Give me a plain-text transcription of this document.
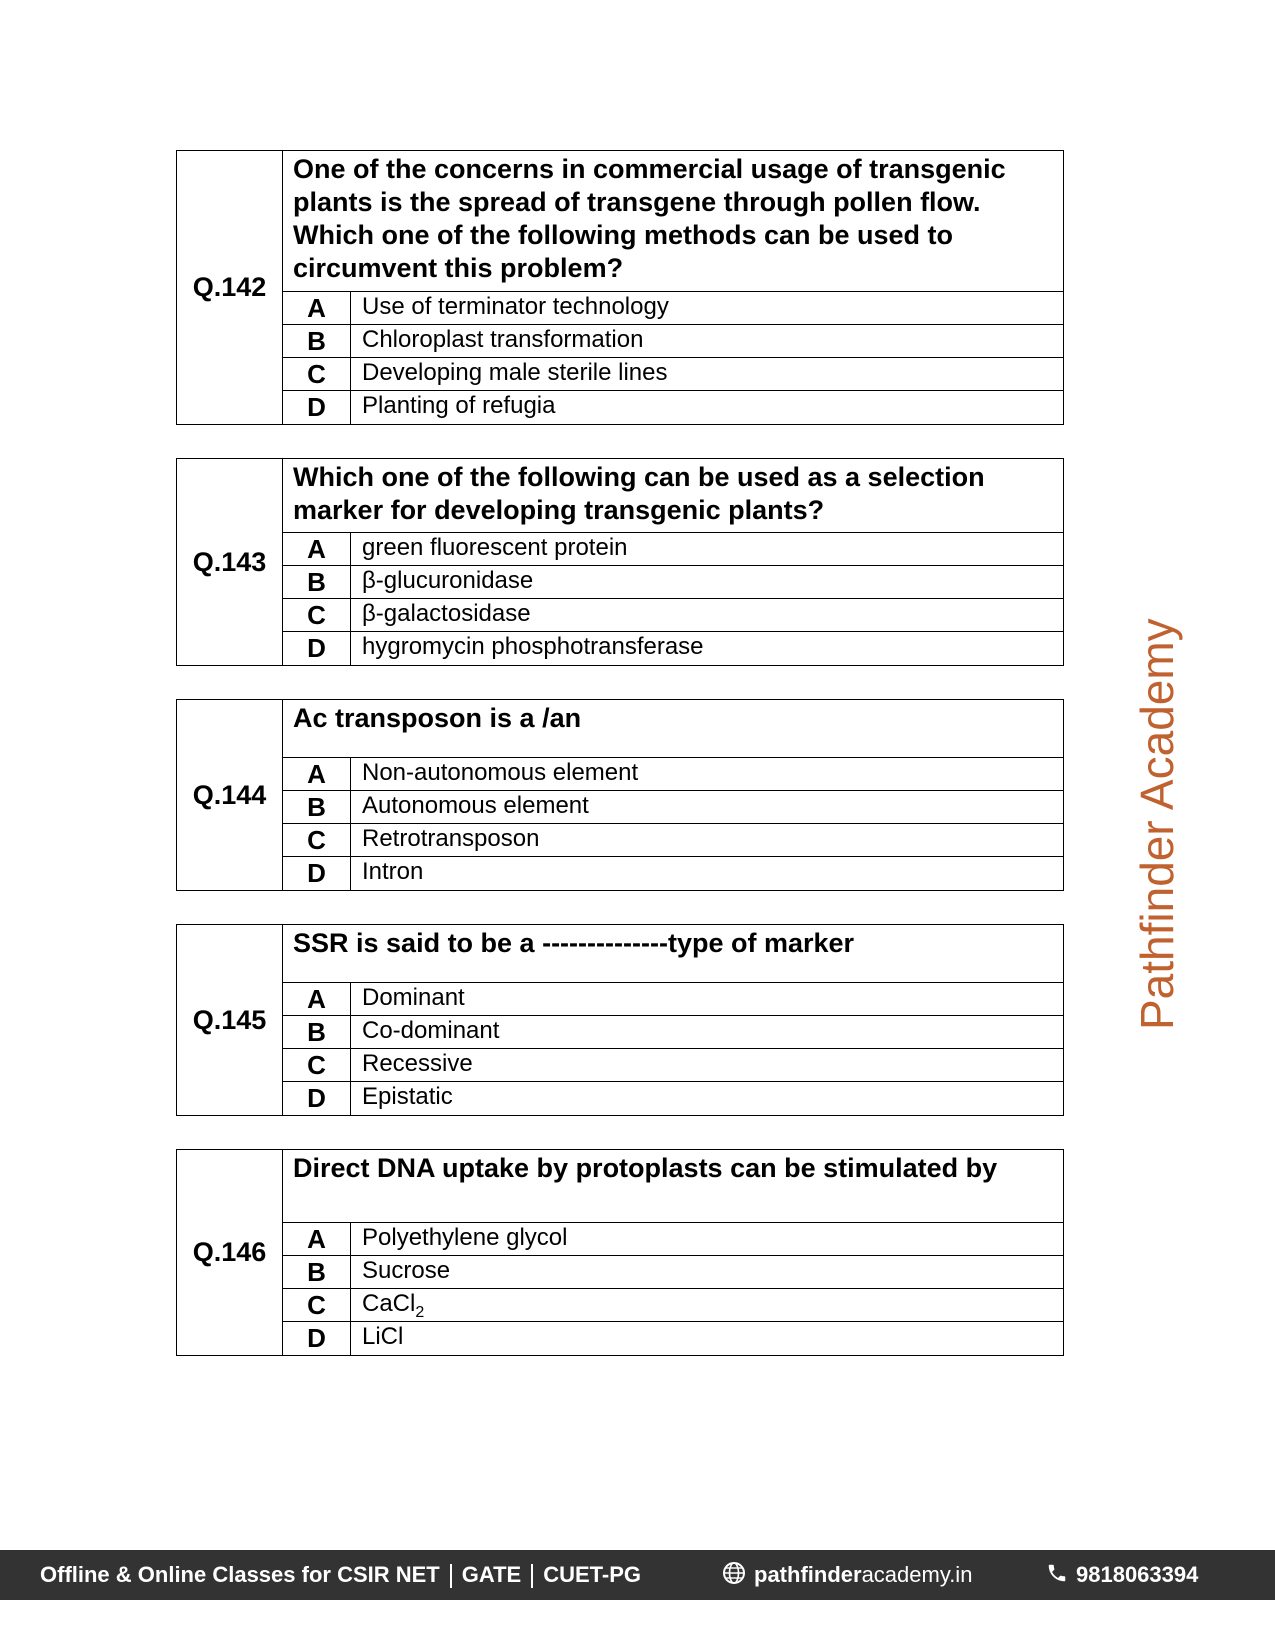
Q.142
One of the concerns in commercial usage of transgenic plants is the spread of transgene through pollen flow. Which one of the following methods can be used to circumvent this problem?
A	Use of terminator technology
B	Chloroplast transformation
C	Developing male sterile lines
D	Planting of refugia
Q.143
Which one of the following can be used as a selection marker for developing transgenic plants?
A	green fluorescent protein
B	β-glucuronidase
C	β-galactosidase
D	hygromycin phosphotransferase
Q.144
Ac transposon is a /an
A	Non-autonomous element
B	Autonomous element
C	Retrotransposon
D	Intron
Q.145
SSR is said to be a --------------type of marker
A	Dominant
B	Co-dominant
C	Recessive
D	Epistatic
Q.146
Direct DNA uptake by protoplasts can be stimulated by
A	Polyethylene glycol
B	Sucrose
C	CaCl$_2$
D	LiCl
Pathfinder Academy
Offline & Online Classes for CSIR NET GATE CUET-PG	pathfinderacademy.in	9818063394
